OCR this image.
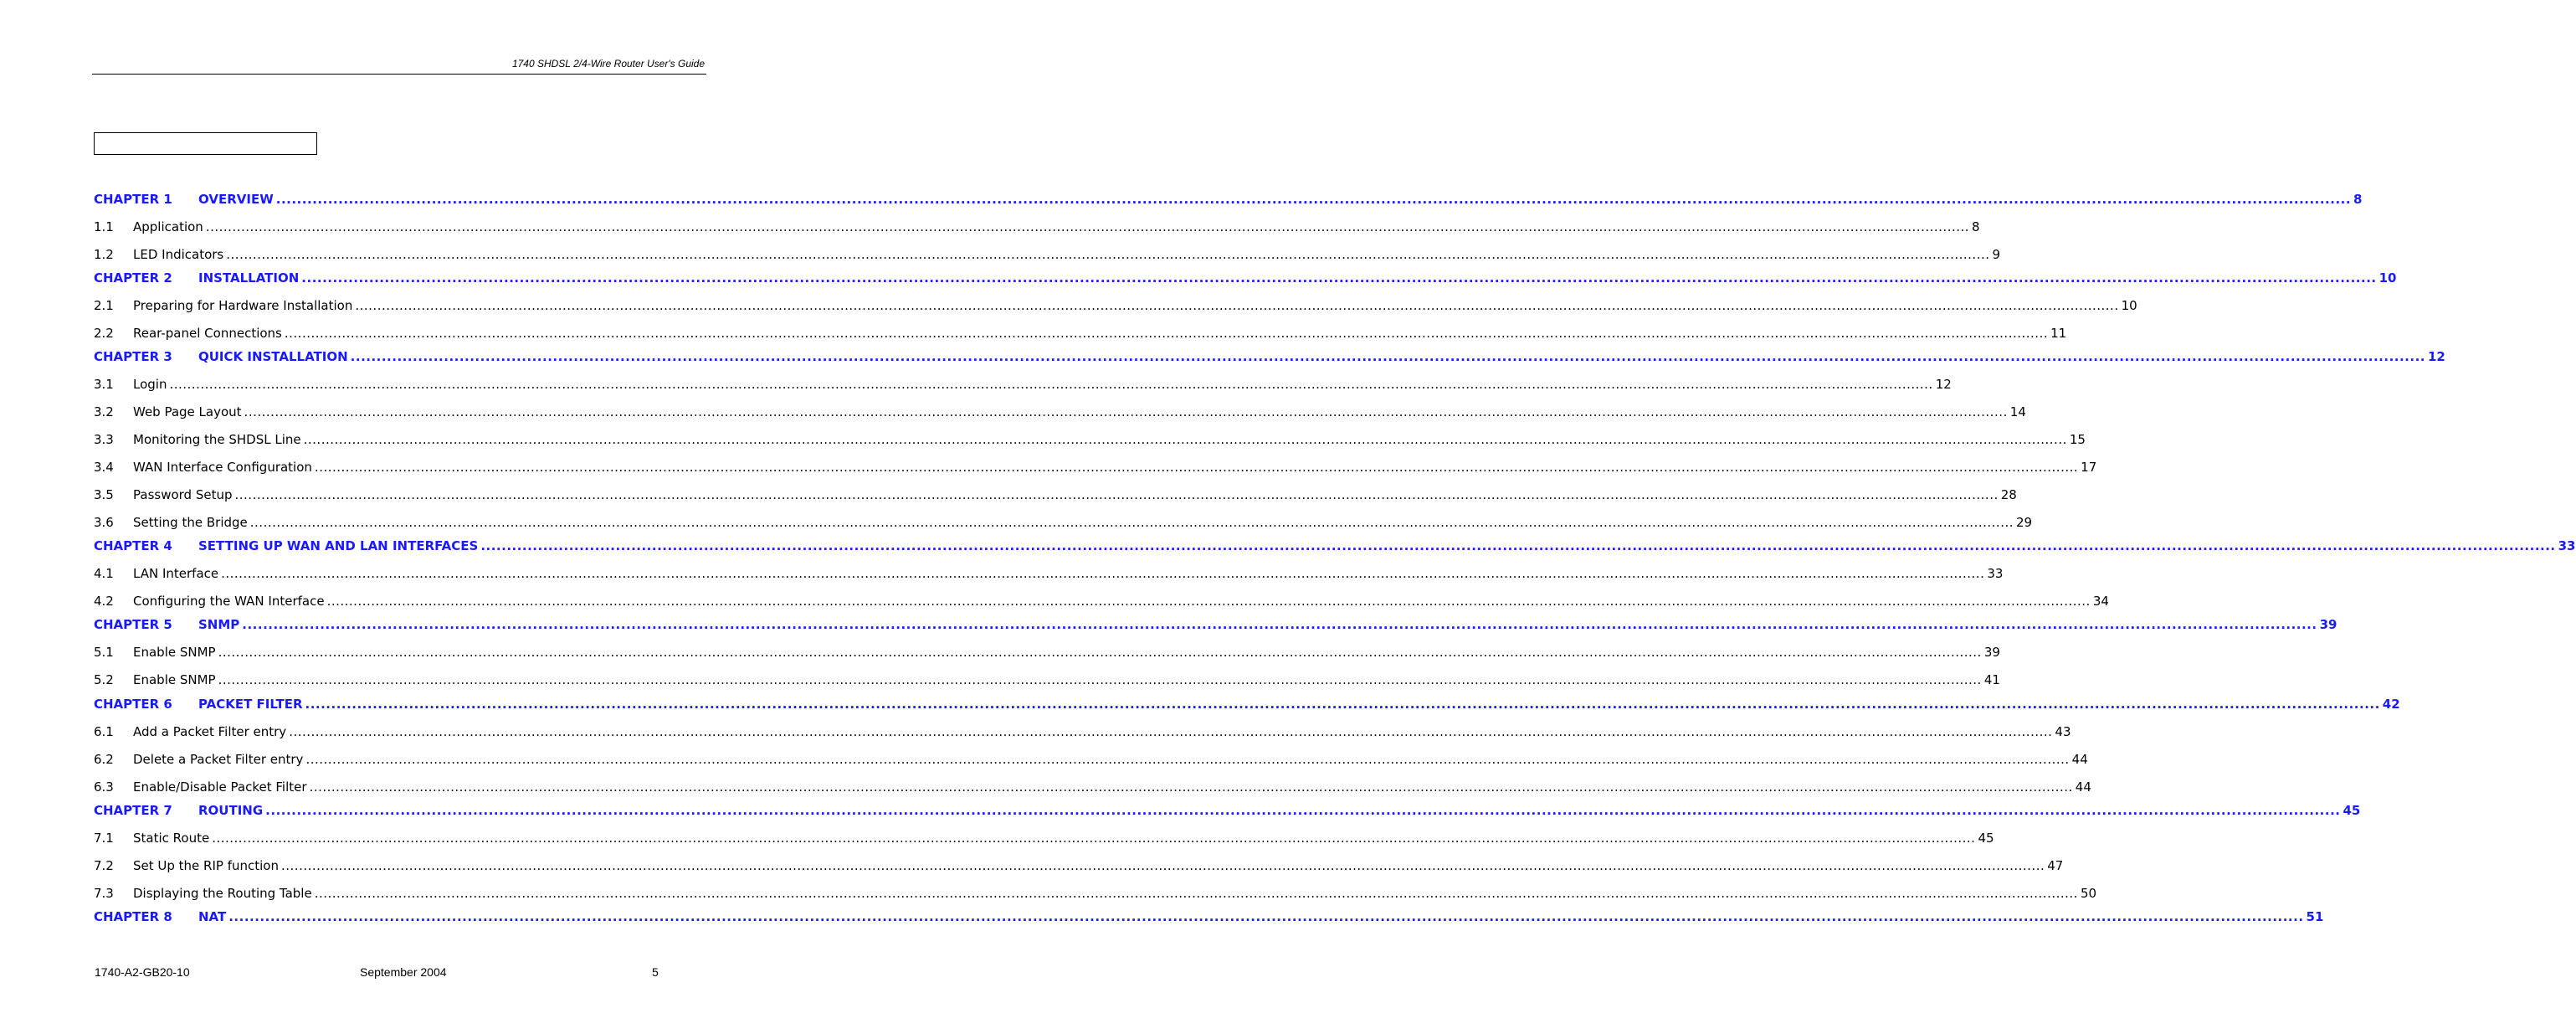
1740 SHDSL 2/4-Wire Router User's Guide
CHAPTER 1	OVERVIEW ................................................................................................................................................................................................................................................................................................................................................................................................................ 8
1.1	Application ................................................................................................................................................................................................................................................................................................................................................................................................................ 8
1.2	LED Indicators ................................................................................................................................................................................................................................................................................................................................................................................................................ 9
CHAPTER 2	INSTALLATION ................................................................................................................................................................................................................................................................................................................................................................................................................ 10
2.1	Preparing for Hardware Installation ................................................................................................................................................................................................................................................................................................................................................................................................................ 10
2.2	Rear-panel Connections ................................................................................................................................................................................................................................................................................................................................................................................................................ 11
CHAPTER 3	QUICK INSTALLATION ................................................................................................................................................................................................................................................................................................................................................................................................................ 12
3.1	Login ................................................................................................................................................................................................................................................................................................................................................................................................................ 12
3.2	Web Page Layout ................................................................................................................................................................................................................................................................................................................................................................................................................ 14
3.3	Monitoring the SHDSL Line ................................................................................................................................................................................................................................................................................................................................................................................................................ 15
3.4	WAN Interface Configuration ................................................................................................................................................................................................................................................................................................................................................................................................................ 17
3.5	Password Setup ................................................................................................................................................................................................................................................................................................................................................................................................................ 28
3.6	Setting the Bridge ................................................................................................................................................................................................................................................................................................................................................................................................................ 29
CHAPTER 4	SETTING UP WAN AND LAN INTERFACES ................................................................................................................................................................................................................................................................................................................................................................................................................ 33
4.1	LAN Interface ................................................................................................................................................................................................................................................................................................................................................................................................................ 33
4.2	Configuring the WAN Interface ................................................................................................................................................................................................................................................................................................................................................................................................................ 34
CHAPTER 5	SNMP ................................................................................................................................................................................................................................................................................................................................................................................................................ 39
5.1	Enable SNMP ................................................................................................................................................................................................................................................................................................................................................................................................................ 39
5.2	Enable SNMP ................................................................................................................................................................................................................................................................................................................................................................................................................ 41
CHAPTER 6	PACKET FILTER ................................................................................................................................................................................................................................................................................................................................................................................................................ 42
6.1	Add a Packet Filter entry ................................................................................................................................................................................................................................................................................................................................................................................................................ 43
6.2	Delete a Packet Filter entry ................................................................................................................................................................................................................................................................................................................................................................................................................ 44
6.3	Enable/Disable Packet Filter ................................................................................................................................................................................................................................................................................................................................................................................................................ 44
CHAPTER 7	ROUTING ................................................................................................................................................................................................................................................................................................................................................................................................................ 45
7.1	Static Route ................................................................................................................................................................................................................................................................................................................................................................................................................ 45
7.2	Set Up the RIP function ................................................................................................................................................................................................................................................................................................................................................................................................................ 47
7.3	Displaying the Routing Table ................................................................................................................................................................................................................................................................................................................................................................................................................ 50
CHAPTER 8	NAT ................................................................................................................................................................................................................................................................................................................................................................................................................ 51
1740-A2-GB20-10	September 2004	5
